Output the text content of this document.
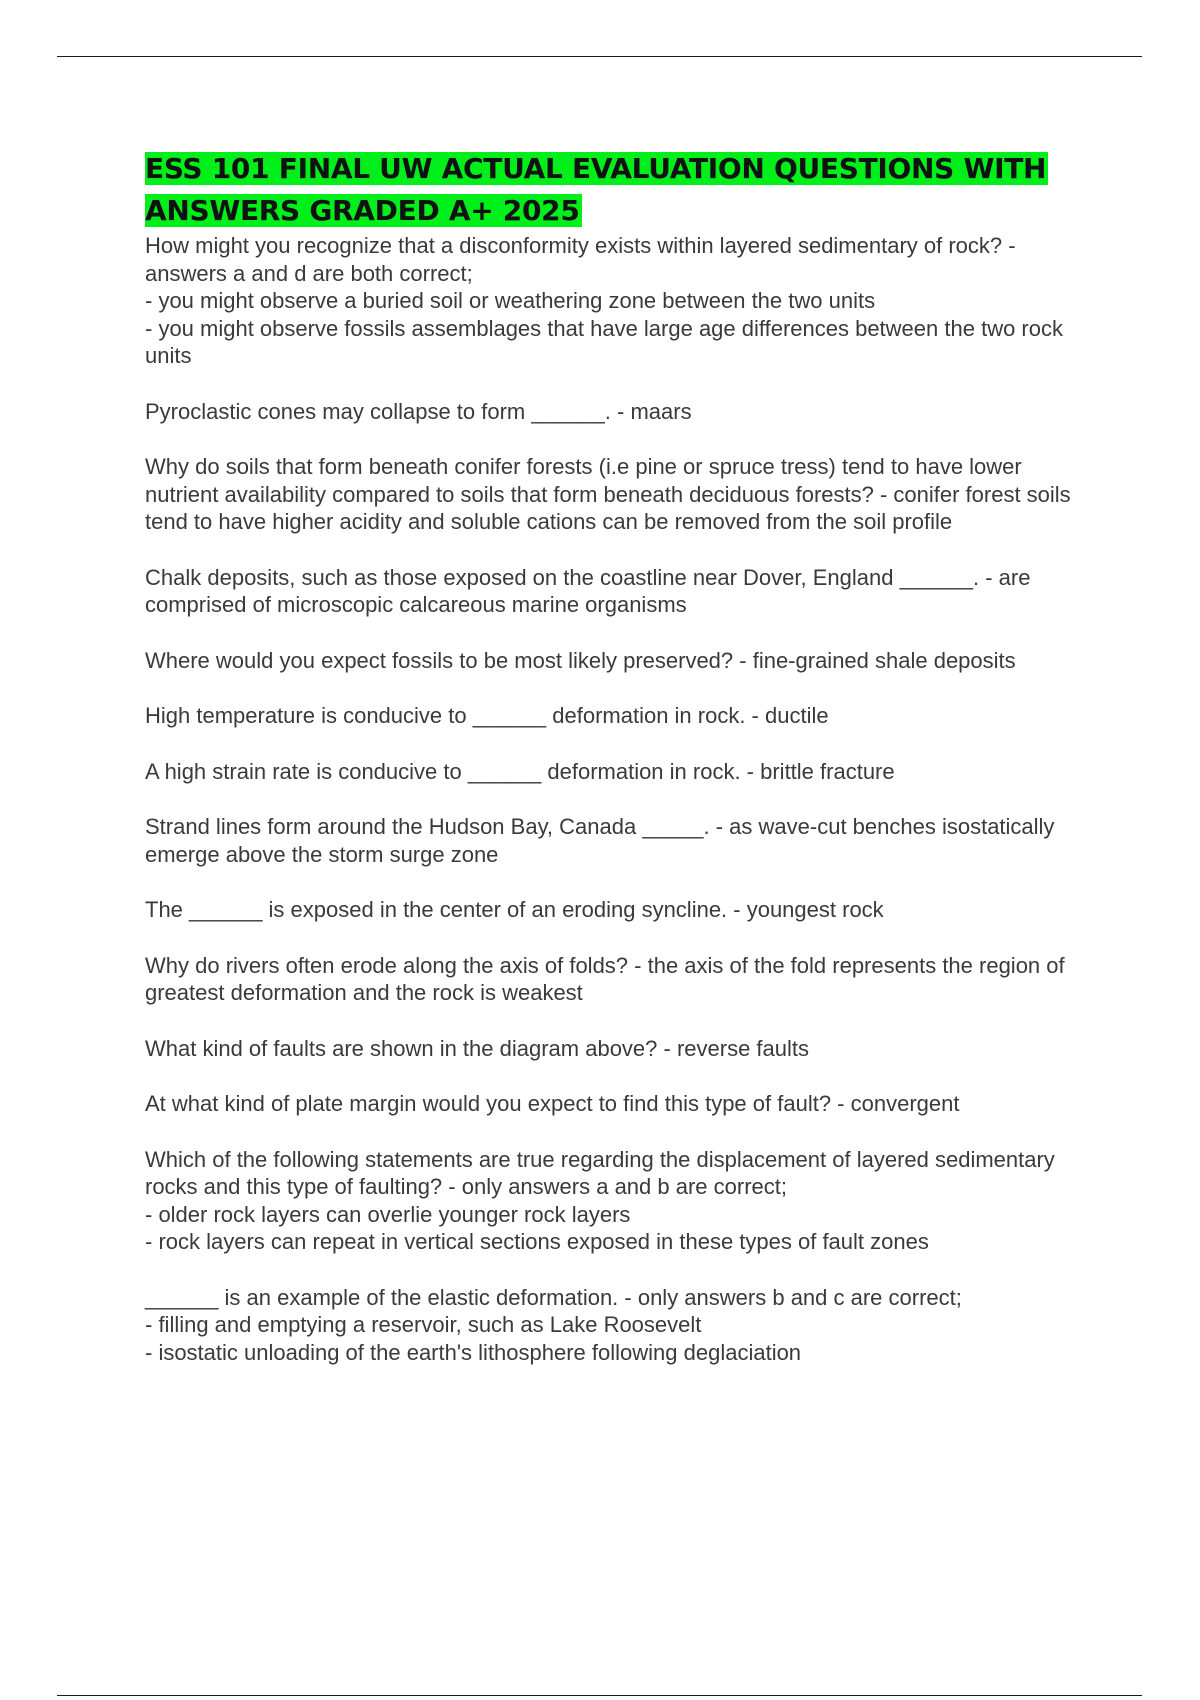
ESS 101 FINAL UW ACTUAL EVALUATION QUESTIONS WITH ANSWERS GRADED A+ 2025
How might you recognize that a disconformity exists within layered sedimentary of rock? - answers a and d are both correct;
- you might observe a buried soil or weathering zone between the two units
- you might observe fossils assemblages that have large age differences between the two rock units
Pyroclastic cones may collapse to form ______. - maars
Why do soils that form beneath conifer forests (i.e pine or spruce tress) tend to have lower nutrient availability compared to soils that form beneath deciduous forests? - conifer forest soils tend to have higher acidity and soluble cations can be removed from the soil profile
Chalk deposits, such as those exposed on the coastline near Dover, England ______. - are comprised of microscopic calcareous marine organisms
Where would you expect fossils to be most likely preserved? - fine-grained shale deposits
High temperature is conducive to ______ deformation in rock. - ductile
A high strain rate is conducive to ______ deformation in rock. - brittle fracture
Strand lines form around the Hudson Bay, Canada _____. - as wave-cut benches isostatically emerge above the storm surge zone
The ______ is exposed in the center of an eroding syncline. - youngest rock
Why do rivers often erode along the axis of folds? - the axis of the fold represents the region of greatest deformation and the rock is weakest
What kind of faults are shown in the diagram above? - reverse faults
At what kind of plate margin would you expect to find this type of fault? - convergent
Which of the following statements are true regarding the displacement of layered sedimentary rocks and this type of faulting? - only answers a and b are correct;
- older rock layers can overlie younger rock layers
- rock layers can repeat in vertical sections exposed in these types of fault zones
______ is an example of the elastic deformation. - only answers b and c are correct;
- filling and emptying a reservoir, such as Lake Roosevelt
- isostatic unloading of the earth's lithosphere following deglaciation
